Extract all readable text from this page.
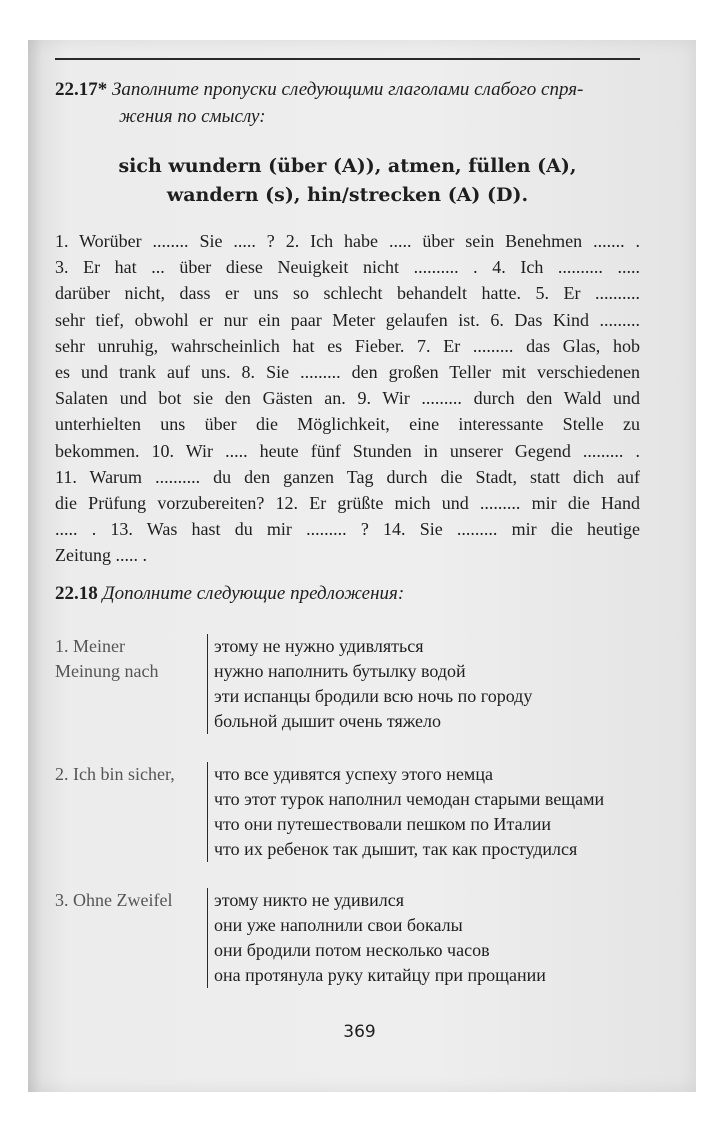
22.17* Заполните пропуски следующими глаголами слабого спря-
жения по смыслу:
sich wundern (über (A)), atmen, füllen (A),
wandern (s), hin/strecken (A) (D).
1. Worüber ........ Sie ..... ? 2. Ich habe ..... über sein Benehmen ....... .
3. Er hat ... über diese Neuigkeit nicht .......... . 4. Ich .......... .....
darüber nicht, dass er uns so schlecht behandelt hatte. 5. Er ..........
sehr tief, obwohl er nur ein paar Meter gelaufen ist. 6. Das Kind .........
sehr unruhig, wahrscheinlich hat es Fieber. 7. Er ......... das Glas, hob
es und trank auf uns. 8. Sie ......... den großen Teller mit verschiedenen
Salaten und bot sie den Gästen an. 9. Wir ......... durch den Wald und
unterhielten uns über die Möglichkeit, eine interessante Stelle zu
bekommen. 10. Wir ..... heute fünf Stunden in unserer Gegend ......... .
11. Warum .......... du den ganzen Tag durch die Stadt, statt dich auf
die Prüfung vorzubereiten? 12. Er grüßte mich und ......... mir die Hand
..... . 13. Was hast du mir ......... ? 14. Sie ......... mir die heutige
Zeitung ..... .
22.18 Дополните следующие предложения:
1. Meiner
Meinung nach
этому не нужно удивляться
нужно наполнить бутылку водой
эти испанцы бродили всю ночь по городу
больной дышит очень тяжело
2. Ich bin sicher,	что все удивятся успеху этого немца
что этот турок наполнил чемодан старыми вещами
что они путешествовали пешком по Италии
что их ребенок так дышит, так как простудился
3. Ohne Zweifel	этому никто не удивился
они уже наполнили свои бокалы
они бродили потом несколько часов
она протянула руку китайцу при прощании
369
